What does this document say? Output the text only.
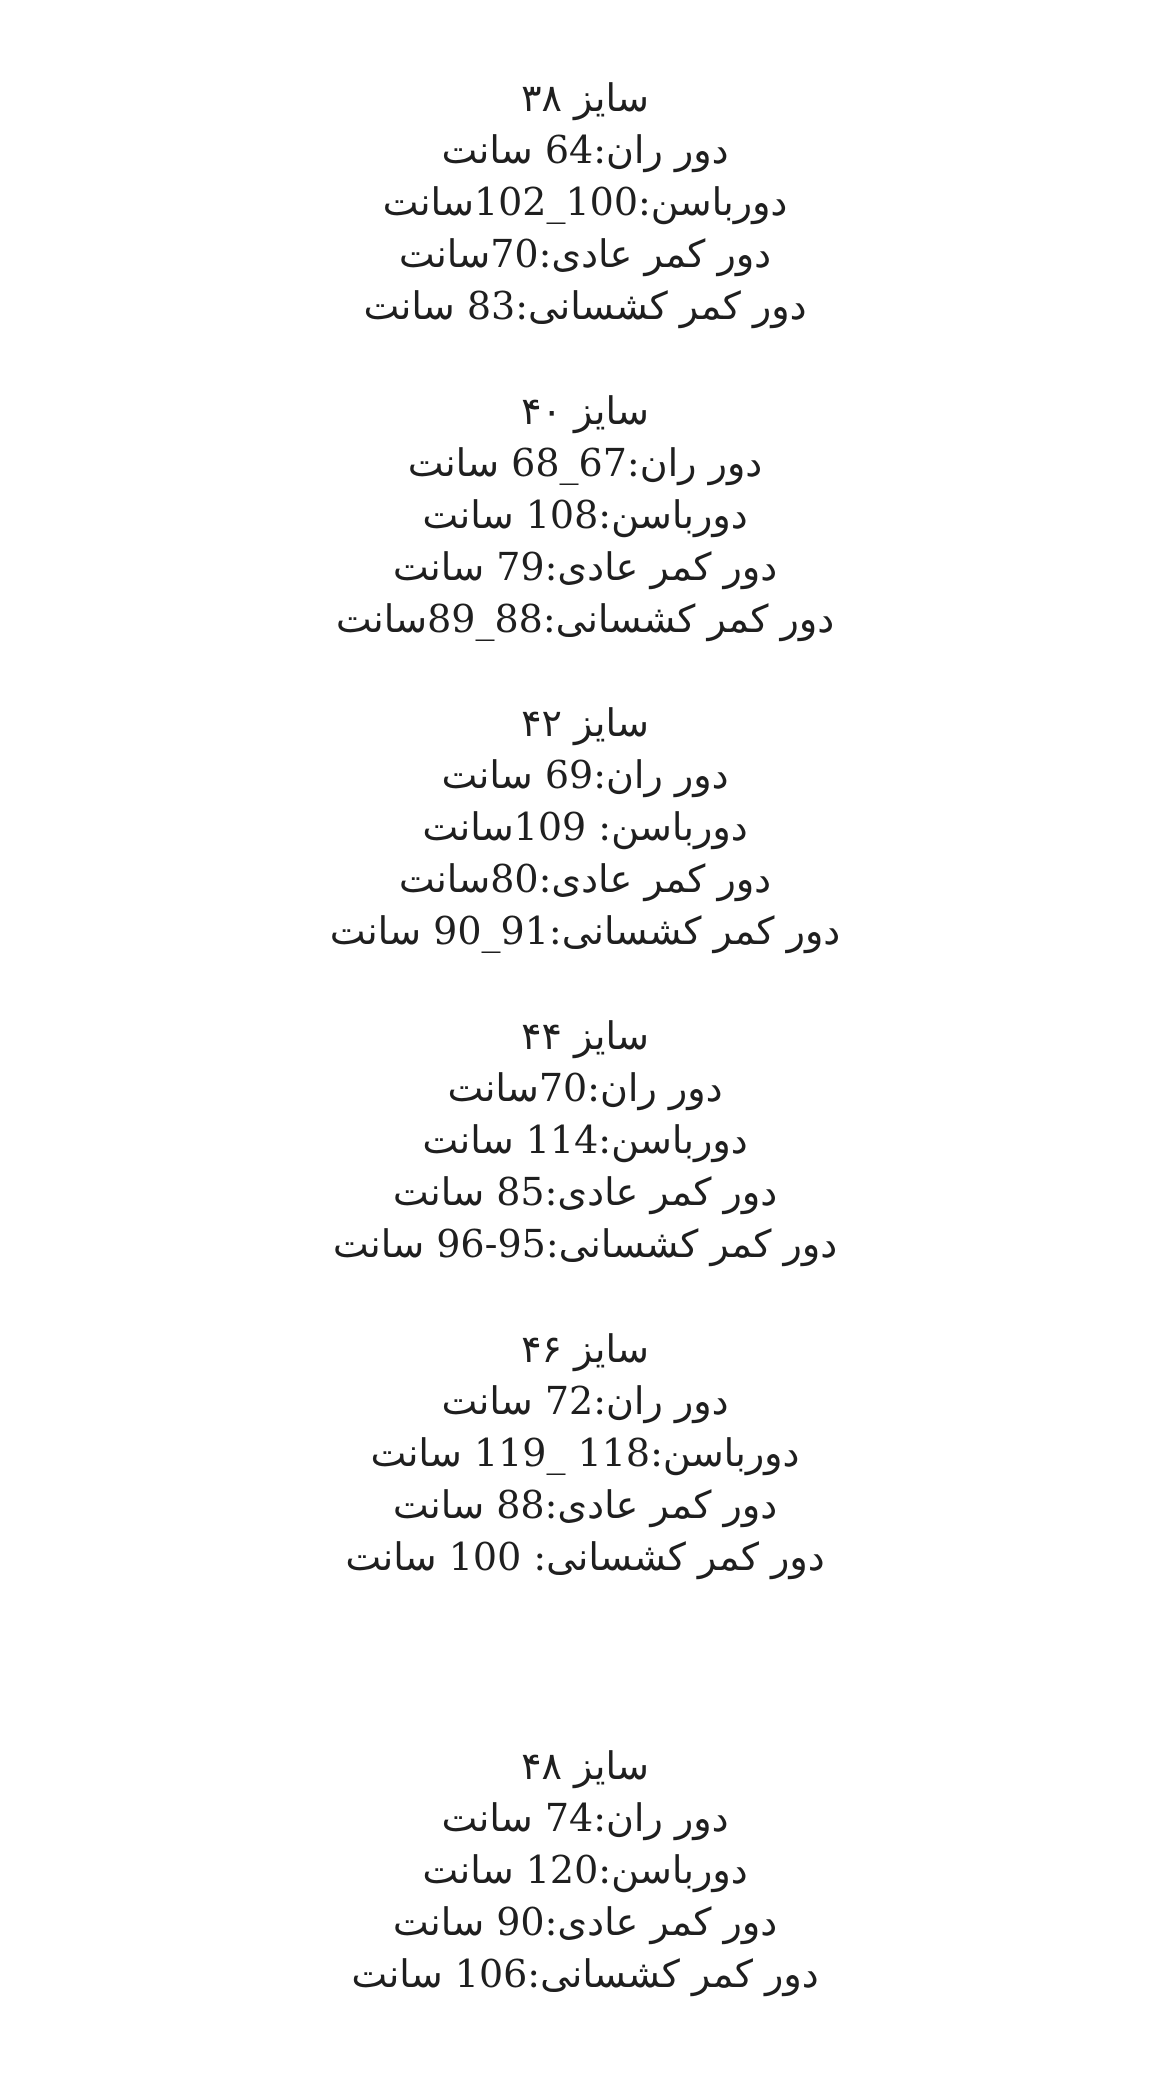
سایز ۳۸
دور ران:64 سانت
دورباسن:100_102سانت
دور کمر عادی:70سانت
دور کمر کشسانی:83 سانت
سایز ۴۰
دور ران:67_68 سانت
دورباسن:108 سانت
دور کمر عادی:79 سانت
دور کمر کشسانی:88_89سانت
سایز ۴۲
دور ران:69 سانت
دورباسن: 109سانت
دور کمر عادی:80سانت
دور کمر کشسانی:91_90 سانت
سایز ۴۴
دور ران:70سانت
دورباسن:114 سانت
دور کمر عادی:85 سانت
دور کمر کشسانی:95-96 سانت
سایز ۴۶
دور ران:72 سانت
دورباسن:118 _119 سانت
دور کمر عادی:88 سانت
دور کمر کشسانی: 100 سانت
سایز ۴۸
دور ران:74 سانت
دورباسن:120 سانت
دور کمر عادی:90 سانت
دور کمر کشسانی:106 سانت
